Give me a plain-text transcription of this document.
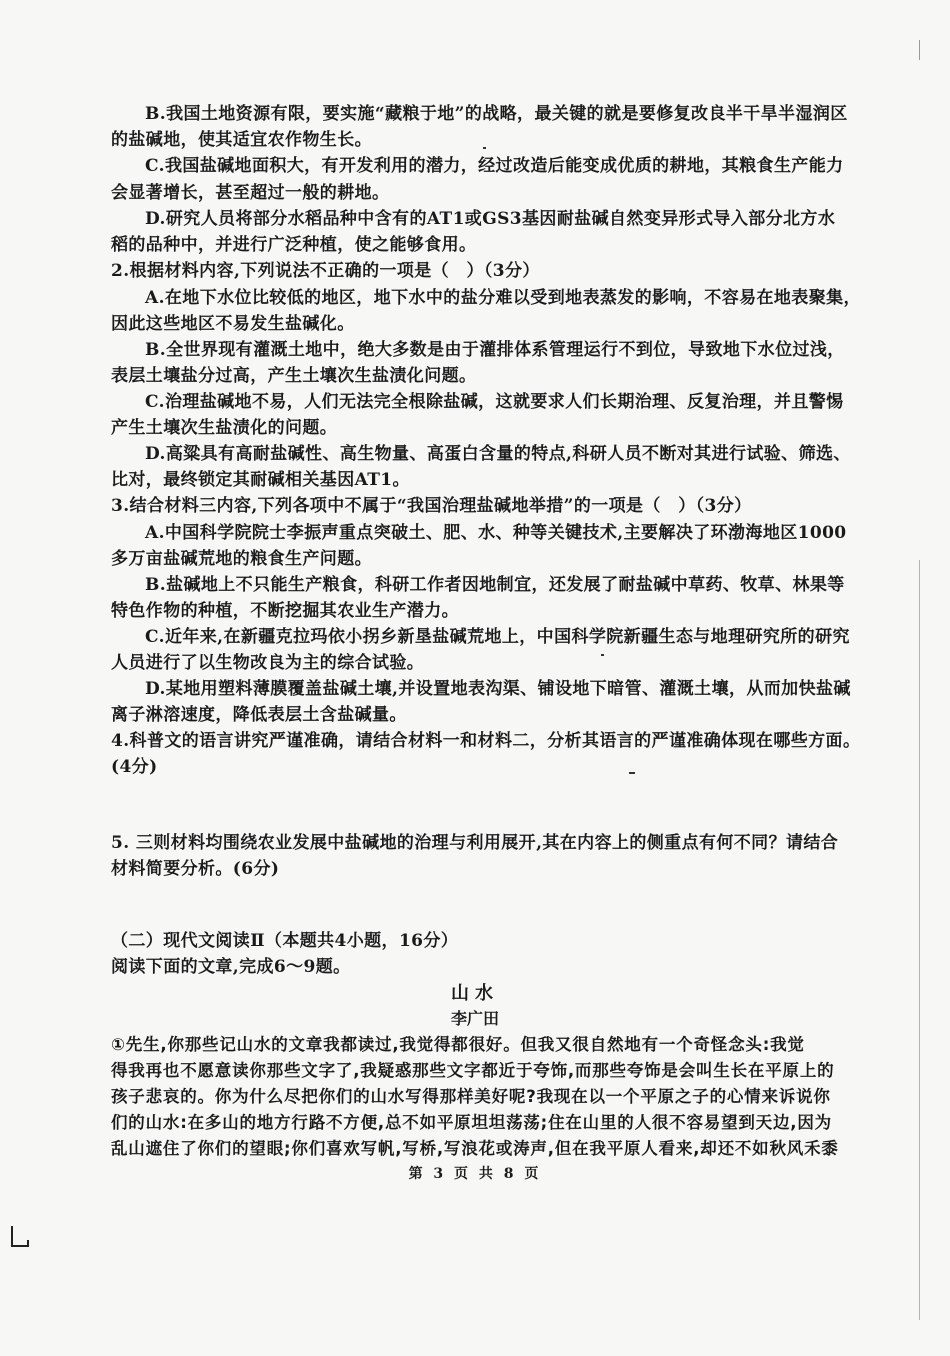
B.我国土地资源有限，要实施“藏粮于地”的战略，最关键的就是要修复改良半干旱半湿润区
的盐碱地，使其适宜农作物生长。
C.我国盐碱地面积大，有开发利用的潜力，经过改造后能变成优质的耕地，其粮食生产能力
会显著增长，甚至超过一般的耕地。
D.研究人员将部分水稻品种中含有的AT1或GS3基因耐盐碱自然变异形式导入部分北方水
稻的品种中，并进行广泛种植，使之能够食用。
2.根据材料内容,下列说法不正确的一项是（　）（3分）
A.在地下水位比较低的地区，地下水中的盐分难以受到地表蒸发的影响，不容易在地表聚集，
因此这些地区不易发生盐碱化。
B.全世界现有灌溉土地中，绝大多数是由于灌排体系管理运行不到位，导致地下水位过浅，
表层土壤盐分过高，产生土壤次生盐渍化问题。
C.治理盐碱地不易，人们无法完全根除盐碱，这就要求人们长期治理、反复治理，并且警惕
产生土壤次生盐渍化的问题。
D.高粱具有高耐盐碱性、高生物量、高蛋白含量的特点,科研人员不断对其进行试验、筛选、
比对，最终锁定其耐碱相关基因AT1。
3.结合材料三内容,下列各项中不属于“我国治理盐碱地举措”的一项是（　）（3分）
A.中国科学院院士李振声重点突破土、肥、水、种等关键技术,主要解决了环渤海地区1000
多万亩盐碱荒地的粮食生产问题。
B.盐碱地上不只能生产粮食，科研工作者因地制宜，还发展了耐盐碱中草药、牧草、林果等
特色作物的种植，不断挖掘其农业生产潜力。
C.近年来,在新疆克拉玛依小拐乡新垦盐碱荒地上，中国科学院新疆生态与地理研究所的研究
人员进行了以生物改良为主的综合试验。
D.某地用塑料薄膜覆盖盐碱土壤,并设置地表沟渠、铺设地下暗管、灌溉土壤，从而加快盐碱
离子淋溶速度，降低表层土含盐碱量。
4.科普文的语言讲究严谨准确，请结合材料一和材料二，分析其语言的严谨准确体现在哪些方面。
(4分)
5. 三则材料均围绕农业发展中盐碱地的治理与利用展开,其在内容上的侧重点有何不同？请结合
材料简要分析。(6分)
（二）现代文阅读Ⅱ（本题共4小题，16分）
阅读下面的文章,完成6～9题。
山水
李广田
①先生,你那些记山水的文章我都读过,我觉得都很好。但我又很自然地有一个奇怪念头:我觉
得我再也不愿意读你那些文字了,我疑惑那些文字都近于夸饰,而那些夸饰是会叫生长在平原上的
孩子悲哀的。你为什么尽把你们的山水写得那样美好呢?我现在以一个平原之子的心情来诉说你
们的山水:在多山的地方行路不方便,总不如平原坦坦荡荡;住在山里的人很不容易望到天边,因为
乱山遮住了你们的望眼;你们喜欢写帆,写桥,写浪花或涛声,但在我平原人看来,却还不如秋风禾黍
第 3 页 共 8 页
